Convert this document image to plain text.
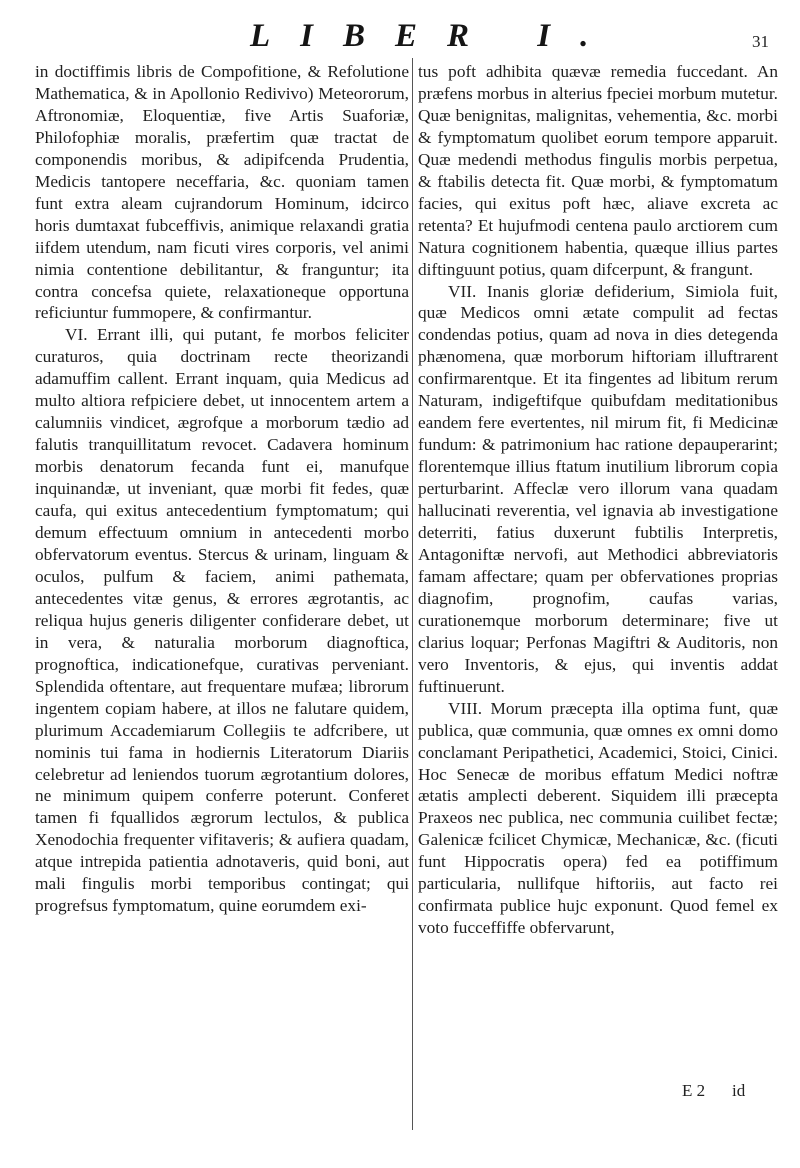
LIBER I.	31

in doctiffimis libris de Compofitione, & Refolutione Mathematica, & in Apollonio Redivivo) Meteororum, Aftronomiæ, Eloquentiæ, five Artis Suaforiæ, Philofophiæ moralis, præfertim quæ tractat de componendis moribus, & adipifcenda Prudentia, Medicis tantopere neceffaria, &c. quoniam tamen funt extra aleam cujrandorum Hominum, idcirco horis dumtaxat fubceffivis, animique relaxandi gratia iifdem utendum, nam ficuti vires corporis, vel animi nimia contentione debilitantur, & franguntur; ita contra concefsa quiete, relaxationeque opportuna reficiuntur fummopere, & confirmantur.

VI. Errant illi, qui putant, fe morbos feliciter curaturos, quia doctrinam recte theorizandi adamuffim callent. Errant inquam, quia Medicus ad multo altiora refpiciere debet, ut innocentem artem a calumniis vindicet, ægrofque a morborum tædio ad falutis tranquillitatum revocet. Cadavera hominum morbis denatorum fecanda funt ei, manufque inquinandæ, ut inveniant, quæ morbi fit fedes, quæ caufa, qui exitus antecedentium fymptomatum; qui demum effectuum omnium in antecedenti morbo obfervatorum eventus. Stercus & urinam, linguam & oculos, pulfum & faciem, animi pathemata, antecedentes vitæ genus, & errores ægrotantis, ac reliqua hujus generis diligenter confiderare debet, ut in vera, & naturalia morborum diagnoftica, prognoftica, indicationefque, curativas perveniant. Splendida oftentare, aut frequentare mufæa; librorum ingentem copiam habere, at illos ne falutare quidem, plurimum Accademiarum Collegiis te adfcribere, ut nominis tui fama in hodiernis Literatorum Diariis celebretur ad leniendos tuorum ægrotantium dolores, ne minimum quipem conferre poterunt. Conferet tamen fi fquallidos ægrorum lectulos, & publica Xenodochia frequenter vifitaveris; & aufiera quadam, atque intrepida patientia adnotaveris, quid boni, aut mali fingulis morbi temporibus contingat; qui progrefsus fymptomatum, quine eorumdem exi-

tus poft adhibita quævæ remedia fuccedant. An præfens morbus in alterius fpeciei morbum mutetur. Quæ benignitas, malignitas, vehementia, &c. morbi & fymptomatum quolibet eorum tempore apparuit. Quæ medendi methodus fingulis morbis perpetua, & ftabilis detecta fit. Quæ morbi, & fymptomatum facies, qui exitus poft hæc, aliave excreta ac retenta? Et hujufmodi centena paulo arctiorem cum Natura cognitionem habentia, quæque illius partes diftinguunt potius, quam difcerpunt, & frangunt.

VII. Inanis gloriæ defiderium, Simiola fuit, quæ Medicos omni ætate compulit ad fectas condendas potius, quam ad nova in dies detegenda phænomena, quæ morborum hiftoriam illuftrarent confirmarentque. Et ita fingentes ad libitum rerum Naturam, indigeftifque quibufdam meditationibus eandem fere evertentes, nil mirum fit, fi Medicinæ fundum: & patrimonium hac ratione depauperarint; florentemque illius ftatum inutilium librorum copia perturbarint. Affeclæ vero illorum vana quadam hallucinati reverentia, vel ignavia ab investigatione deterriti, fatius duxerunt fubtilis Interpretis, Antagoniftæ nervofi, aut Methodici abbreviatoris famam affectare; quam per obfervationes proprias diagnofim, prognofim, caufas varias, curationemque morborum determinare; five ut clarius loquar; Perfonas Magiftri & Auditoris, non vero Inventoris, & ejus, qui inventis addat fuftinuerunt.

VIII. Morum præcepta illa optima funt, quæ publica, quæ communia, quæ omnes ex omni domo conclamant Peripathetici, Academici, Stoici, Cinici. Hoc Senecæ de moribus effatum Medici noftræ ætatis amplecti deberent. Siquidem illi præcepta Praxeos nec publica, nec communia cuilibet fectæ; Galenicæ fcilicet Chymicæ, Mechanicæ, &c. (ficuti funt Hippocratis opera) fed ea potiffimum particularia, nullifque hiftoriis, aut facto rei confirmata publice hujc exponunt. Quod femel ex voto fucceffiffe obfervarunt,

E 2 id
